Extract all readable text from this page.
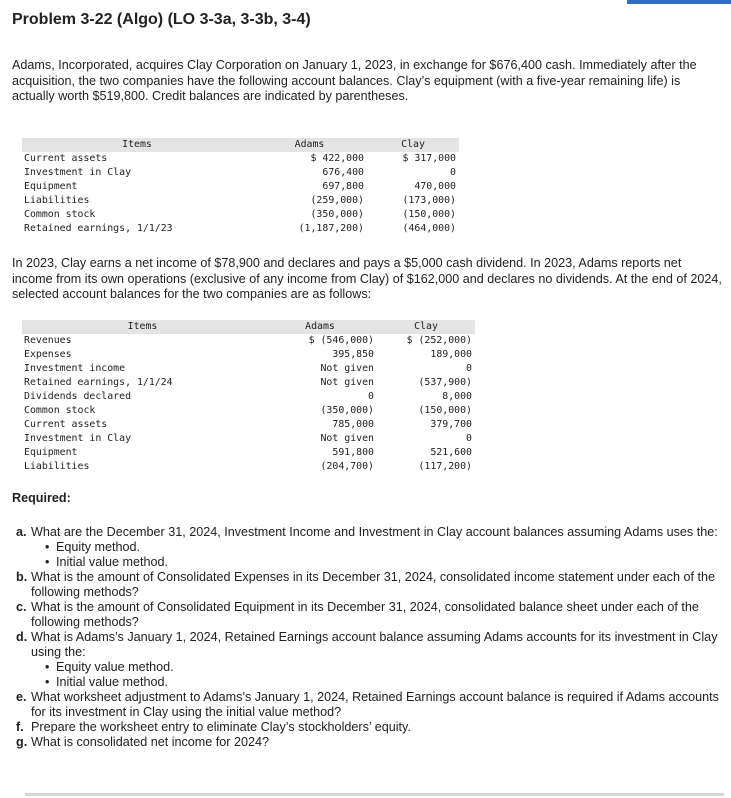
Problem 3-22 (Algo) (LO 3-3a, 3-3b, 3-4)

Adams, Incorporated, acquires Clay Corporation on January 1, 2023, in exchange for $676,400 cash. Immediately after the acquisition, the two companies have the following account balances. Clay’s equipment (with a five-year remaining life) is actually worth $519,800. Credit balances are indicated by parentheses.

Items	Adams	Clay
Current assets	$ 422,000	$ 317,000
Investment in Clay	676,400	0
Equipment	697,800	470,000
Liabilities	(259,000)	(173,000)
Common stock	(350,000)	(150,000)
Retained earnings, 1/1/23	(1,187,200)	(464,000)

In 2023, Clay earns a net income of $78,900 and declares and pays a $5,000 cash dividend. In 2023, Adams reports net income from its own operations (exclusive of any income from Clay) of $162,000 and declares no dividends. At the end of 2024, selected account balances for the two companies are as follows:

Items	Adams	Clay
Revenues	$ (546,000)	$ (252,000)
Expenses	395,850	189,000
Investment income	Not given	0
Retained earnings, 1/1/24	Not given	(537,900)
Dividends declared	0	8,000
Common stock	(350,000)	(150,000)
Current assets	785,000	379,700
Investment in Clay	Not given	0
Equipment	591,800	521,600
Liabilities	(204,700)	(117,200)
Required:

a. What are the December 31, 2024, Investment Income and Investment in Clay account balances assuming Adams uses the:

• Equity method.

• Initial value method.

b. What is the amount of Consolidated Expenses in its December 31, 2024, consolidated income statement under each of the following methods?

c. What is the amount of Consolidated Equipment in its December 31, 2024, consolidated balance sheet under each of the following methods?

d. What is Adams’s January 1, 2024, Retained Earnings account balance assuming Adams accounts for its investment in Clay using the:

• Equity value method.

• Initial value method.

e. What worksheet adjustment to Adams’s January 1, 2024, Retained Earnings account balance is required if Adams accounts for its investment in Clay using the initial value method?

f. Prepare the worksheet entry to eliminate Clay’s stockholders’ equity.

g. What is consolidated net income for 2024?
